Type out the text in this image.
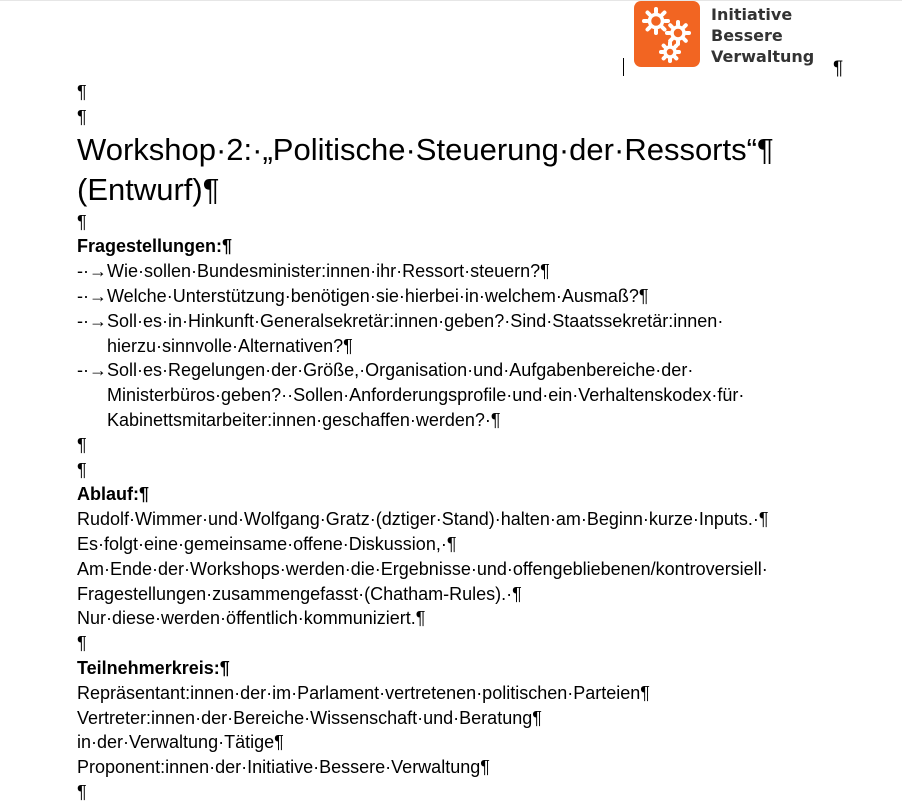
Initiative
Bessere
Verwaltung
¶
¶
¶
Workshop·2:·„Politische·Steuerung·der·Ressorts“¶
(Entwurf)¶
¶
Fragestellungen:¶
-·→ Wie·sollen·Bundesminister:innen·ihr·Ressort·steuern?¶
-·→ Welche·Unterstützung·benötigen·sie·hierbei·in·welchem·Ausmaß?¶
-·→ Soll·es·in·Hinkunft·Generalsekretär:innen·geben?·Sind·Staatssekretär:innen· hierzu·sinnvolle·Alternativen?¶
-·→ Soll·es·Regelungen·der·Größe,·Organisation·und·Aufgabenbereiche·der· Ministerbüros·geben?··Sollen·Anforderungsprofile·und·ein·Verhaltenskodex·für· Kabinettsmitarbeiter:innen·geschaffen·werden?·¶
¶
¶
Ablauf:¶
Rudolf·Wimmer·und·Wolfgang·Gratz·(dztiger·Stand)·halten·am·Beginn·kurze·Inputs.·¶
Es·folgt·eine·gemeinsame·offene·Diskussion,·¶
Am·Ende·der·Workshops·werden·die·Ergebnisse·und·offengebliebenen/kontroversiell·
Fragestellungen·zusammengefasst·(Chatham-Rules).·¶
Nur·diese·werden·öffentlich·kommuniziert.¶
¶
Teilnehmerkreis:¶
Repräsentant:innen·der·im·Parlament·vertretenen·politischen·Parteien¶
Vertreter:innen·der·Bereiche·Wissenschaft·und·Beratung¶
in·der·Verwaltung·Tätige¶
Proponent:innen·der·Initiative·Bessere·Verwaltung¶
¶
